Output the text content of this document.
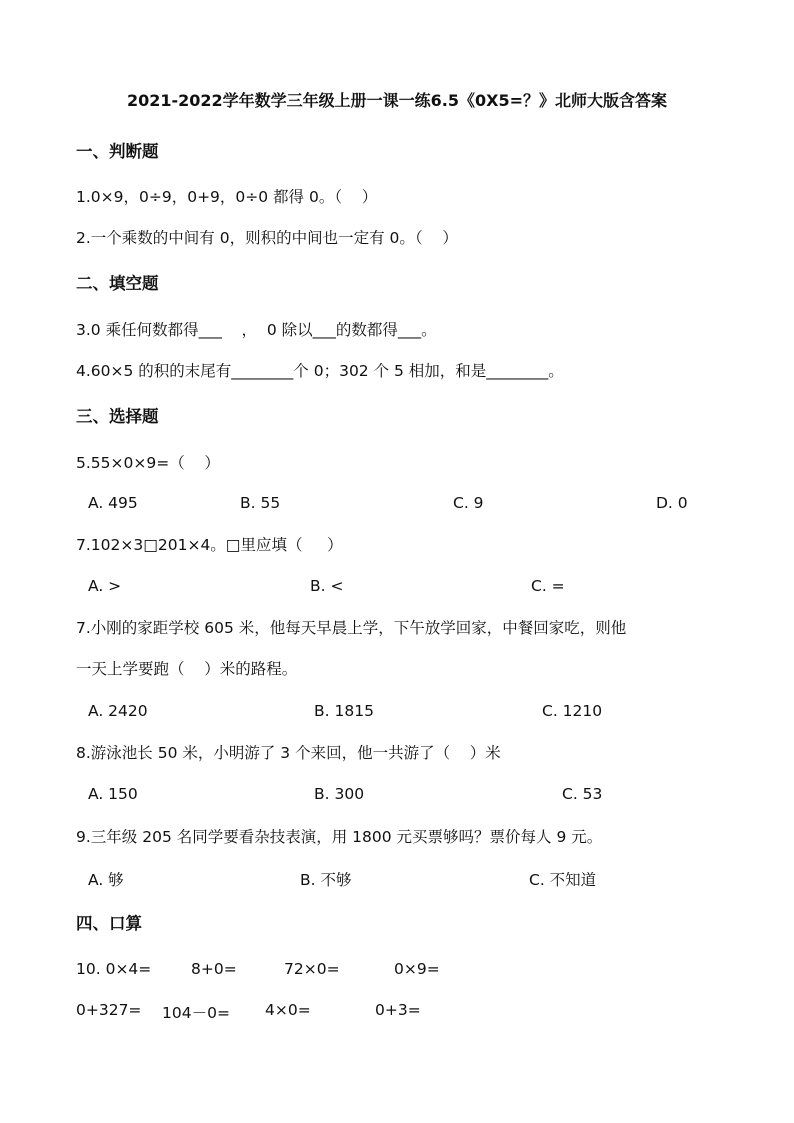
2021-2022学年数学三年级上册一课一练6.5《0X5=？》北师大版含答案
一、判断题
1.0×9，0÷9，0+9，0÷0 都得 0。（    ）
2.一个乘数的中间有 0，则积的中间也一定有 0。（    ）
二、填空题
3.0 乘任何数都得___    ，  0 除以___的数都得___。
4.60×5 的积的末尾有________个 0；302 个 5 相加，和是________。
三、选择题
5.55×0×9=（    ）
A. 495	B. 55	C. 9	D. 0
7.102×3□201×4。□里应填（     ）
A. >	B. <	C. =
7.小刚的家距学校 605 米，他每天早晨上学，下午放学回家，中餐回家吃，则他
一天上学要跑（    ）米的路程。
A. 2420	B. 1815	C. 1210
8.游泳池长 50 米，小明游了 3 个来回，他一共游了（    ）米
A. 150	B. 300	C. 53
9.三年级 205 名同学要看杂技表演，用 1800 元买票够吗？票价每人 9 元。
A. 够	B. 不够	C. 不知道
四、口算
10. 0×4=	8+0=	72×0=	0×9=
0+327= 104－0= 4×0=	0+3=
